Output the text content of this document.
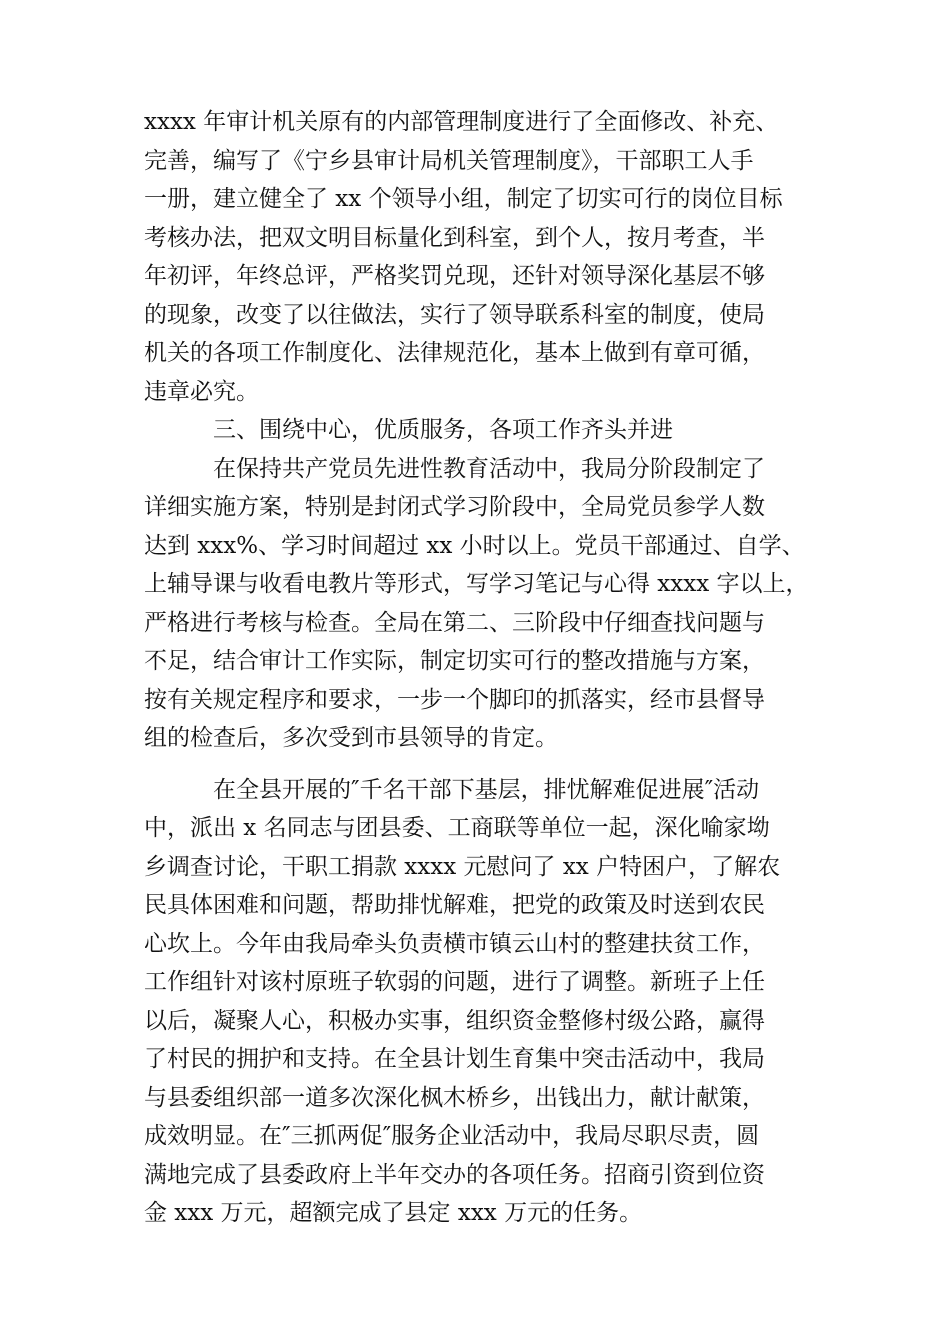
xxxx 年审计机关原有的内部管理制度进行了全面修改、补充、
完善，编写了《宁乡县审计局机关管理制度》，干部职工人手
一册，建立健全了 xx 个领导小组，制定了切实可行的岗位目标
考核办法，把双文明目标量化到科室，到个人，按月考查，半
年初评，年终总评，严格奖罚兑现，还针对领导深化基层不够
的现象，改变了以往做法，实行了领导联系科室的制度，使局
机关的各项工作制度化、法律规范化，基本上做到有章可循，
违章必究。
三、围绕中心，优质服务，各项工作齐头并进
在保持共产党员先进性教育活动中，我局分阶段制定了
详细实施方案，特别是封闭式学习阶段中，全局党员参学人数
达到 xxx%、学习时间超过 xx 小时以上。党员干部通过、自学、
上辅导课与收看电教片等形式，写学习笔记与心得 xxxx 字以上，
严格进行考核与检查。全局在第二、三阶段中仔细查找问题与
不足，结合审计工作实际，制定切实可行的整改措施与方案，
按有关规定程序和要求，一步一个脚印的抓落实，经市县督导
组的检查后，多次受到市县领导的肯定。
在全县开展的″千名干部下基层，排忧解难促进展″活动
中，派出 x 名同志与团县委、工商联等单位一起，深化喻家坳
乡调查讨论，干职工捐款 xxxx 元慰问了 xx 户特困户，了解农
民具体困难和问题，帮助排忧解难，把党的政策及时送到农民
心坎上。今年由我局牵头负责横市镇云山村的整建扶贫工作，
工作组针对该村原班子软弱的问题，进行了调整。新班子上任
以后，凝聚人心，积极办实事，组织资金整修村级公路，赢得
了村民的拥护和支持。在全县计划生育集中突击活动中，我局
与县委组织部一道多次深化枫木桥乡，出钱出力，献计献策，
成效明显。在″三抓两促″服务企业活动中，我局尽职尽责，圆
满地完成了县委政府上半年交办的各项任务。招商引资到位资
金 xxx 万元，超额完成了县定 xxx 万元的任务。
